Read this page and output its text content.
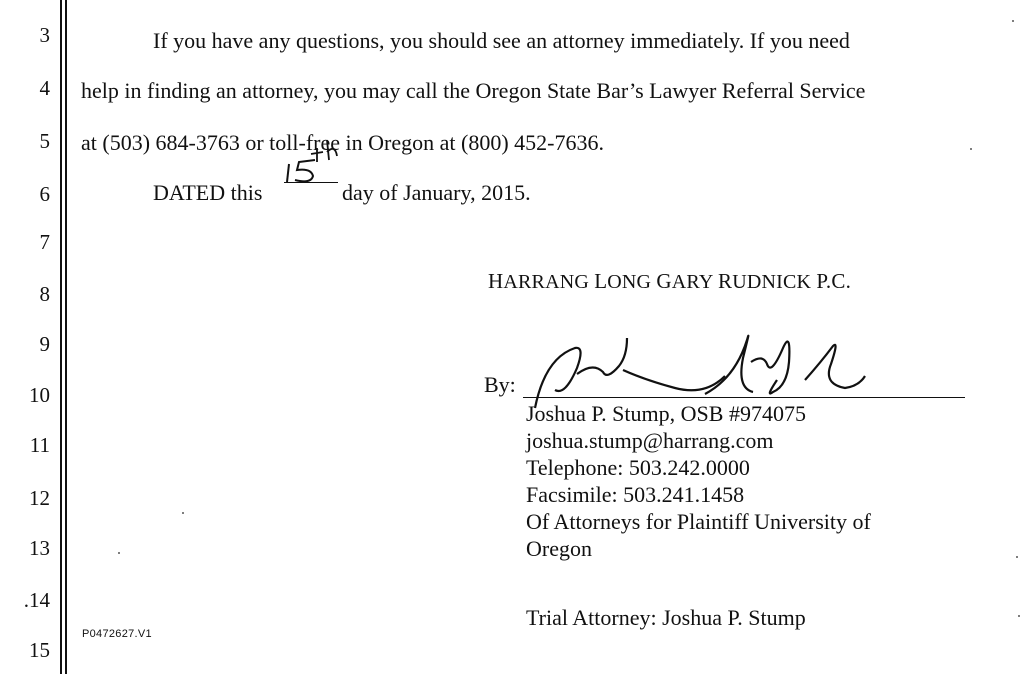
3
4
5
6
7
8
9
10
11
12
13
.14
15
If you have any questions, you should see an attorney immediately. If you need
help in finding an attorney, you may call the Oregon State Bar’s Lawyer Referral Service
at (503) 684-3763 or toll-free in Oregon at (800) 452-7636.
DATED this	day of January, 2015.
HARRANG LONG GARY RUDNICK P.C.
By:
Joshua P. Stump, OSB #974075
joshua.stump@harrang.com
Telephone: 503.242.0000
Facsimile: 503.241.1458
Of Attorneys for Plaintiff University of
Oregon
Trial Attorney: Joshua P. Stump
P0472627.V1
